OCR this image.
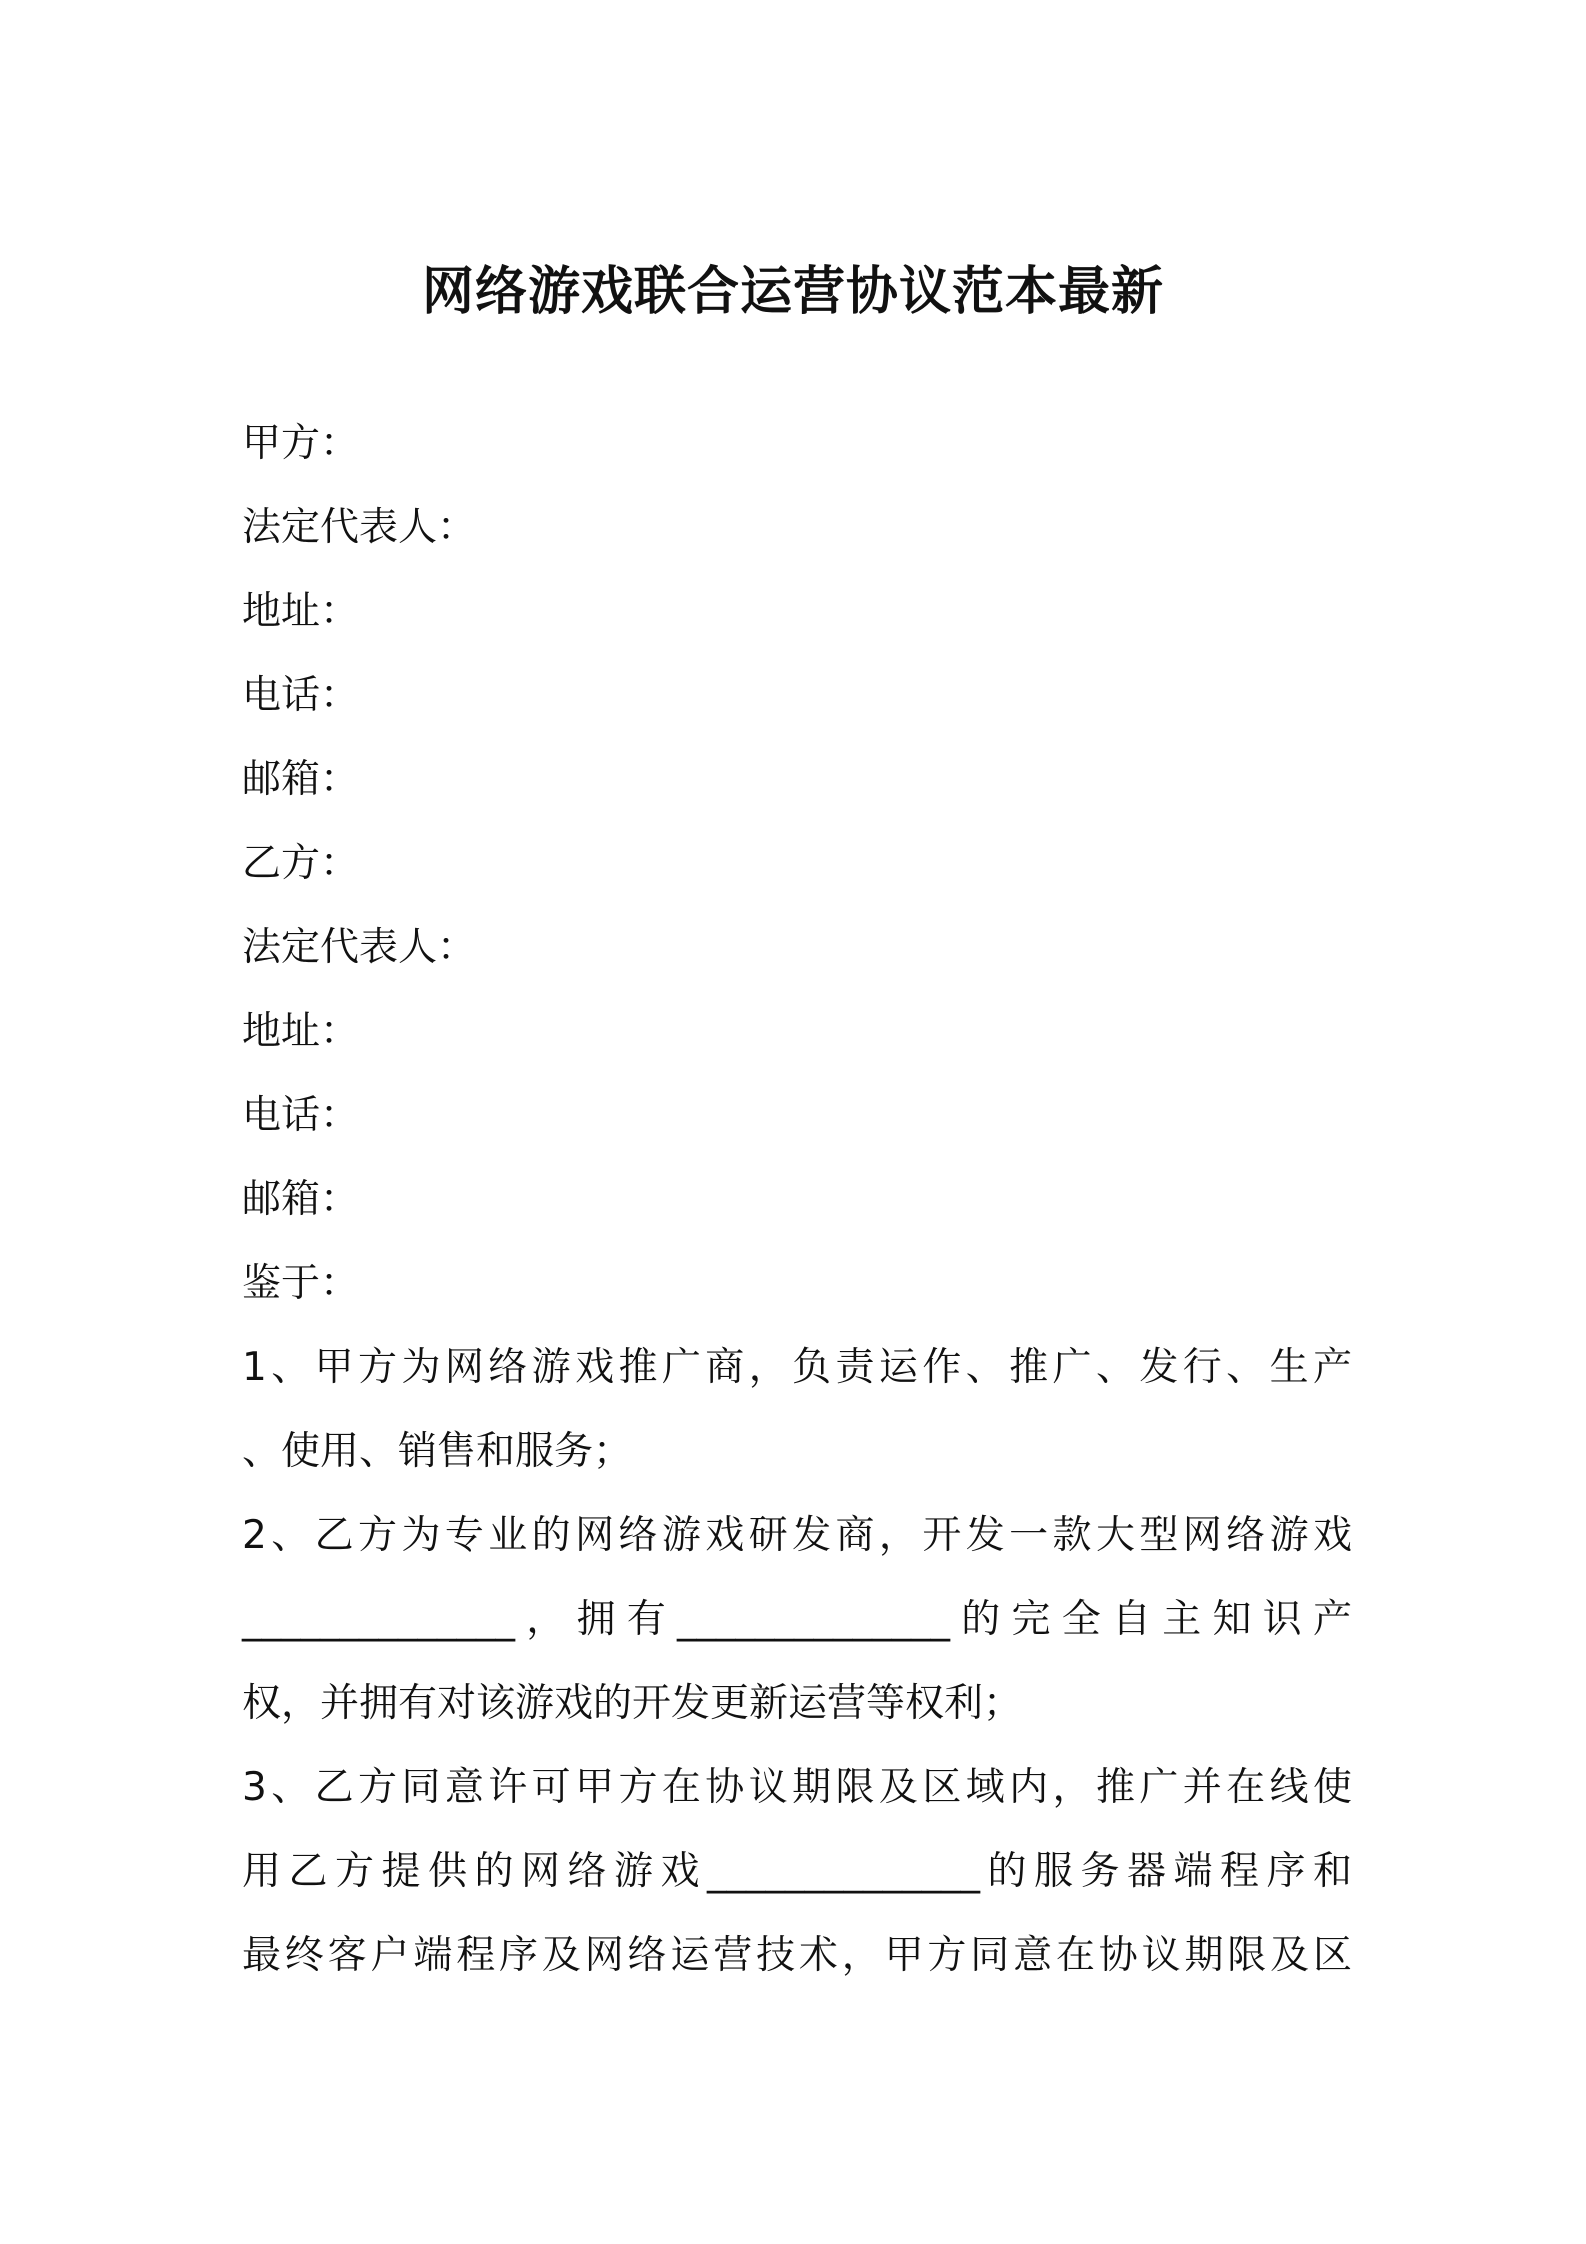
网络游戏联合运营协议范本最新
甲方：
法定代表人：
地址：
电话：
邮箱：
乙方：
法定代表人：
地址：
电话：
邮箱：
鉴于：
1、甲方为网络游戏推广商，负责运作、推广、发行、生产
、使用、销售和服务；
2、乙方为专业的网络游戏研发商，开发一款大型网络游戏
______________，拥有______________的完全自主知识产
权，并拥有对该游戏的开发更新运营等权利；
3、乙方同意许可甲方在协议期限及区域内，推广并在线使
用乙方提供的网络游戏______________的服务器端程序和
最终客户端程序及网络运营技术，甲方同意在协议期限及区
